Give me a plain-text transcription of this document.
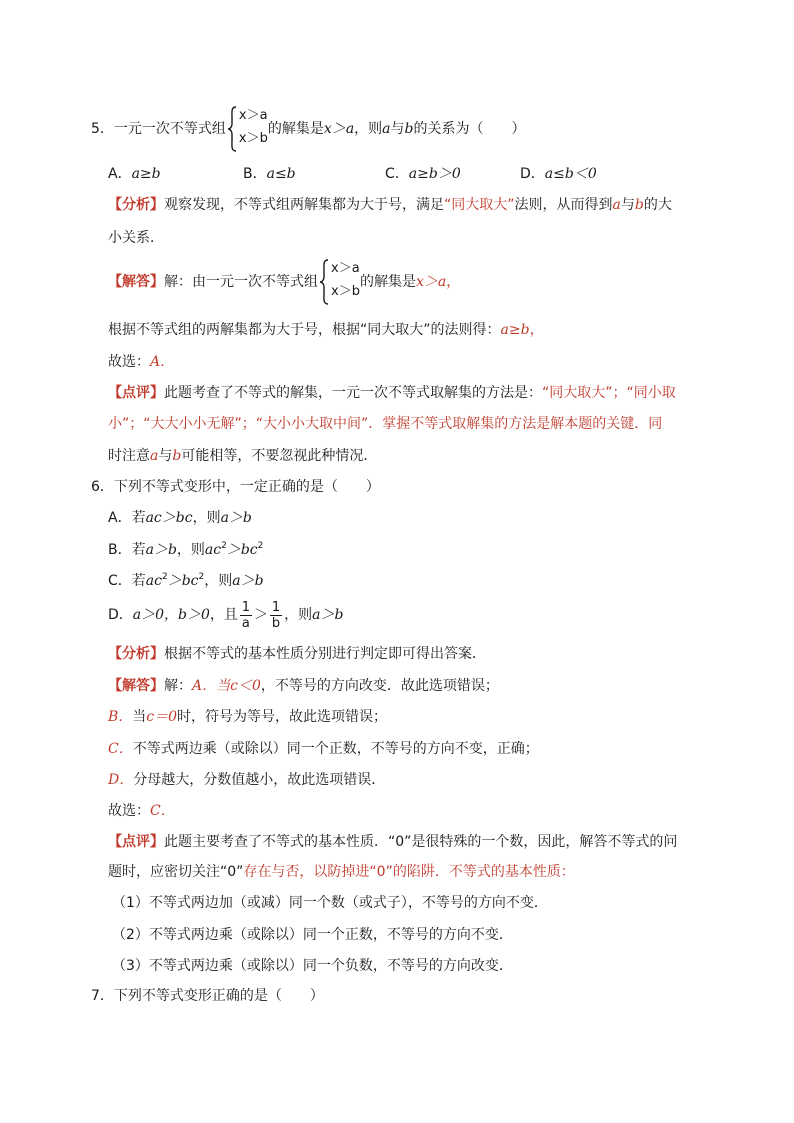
5．一元一次不等式组
x＞a
x＞b
的解集是x＞a，则a与b的关系为（　　）
A．a≥b	B．a≤b	C．a≥b＞0	D．a≤b＜0
【分析】观察发现，不等式组两解集都为大于号，满足“同大取大”法则，从而得到a与b的大
小关系．
【解答】解：由一元一次不等式组
x＞a
x＞b
的解集是x＞a，
根据不等式组的两解集都为大于号，根据“同大取大”的法则得：a≥b，
故选：A．
【点评】此题考查了不等式的解集，一元一次不等式取解集的方法是：“同大取大”；“同小取
小”；“大大小小无解”；“大小小大取中间”．掌握不等式取解集的方法是解本题的关键．同
时注意a与b可能相等，不要忽视此种情况．
6．下列不等式变形中，一定正确的是（　　）
A．若ac＞bc，则a＞b
B．若a＞b，则$ac^2>bc^2$
C．若$ac^2>bc^2$，则a＞b
D．a＞0，b＞0，且 $\frac{1}{a} > \frac{1}{b}$ ，则a＞b
【分析】根据不等式的基本性质分别进行判定即可得出答案．
【解答】解：A．当c＜0，不等号的方向改变．故此选项错误；
B．当c＝0时，符号为等号，故此选项错误；
C．不等式两边乘（或除以）同一个正数，不等号的方向不变，正确；
D．分母越大，分数值越小，故此选项错误．
故选：C．
【点评】此题主要考查了不等式的基本性质．“0”是很特殊的一个数，因此，解答不等式的问
题时，应密切关注“0”存在与否，以防掉进“0”的陷阱．不等式的基本性质：
（1）不等式两边加（或减）同一个数（或式子），不等号的方向不变．
（2）不等式两边乘（或除以）同一个正数，不等号的方向不变．
（3）不等式两边乘（或除以）同一个负数，不等号的方向改变．
7．下列不等式变形正确的是（　　）
